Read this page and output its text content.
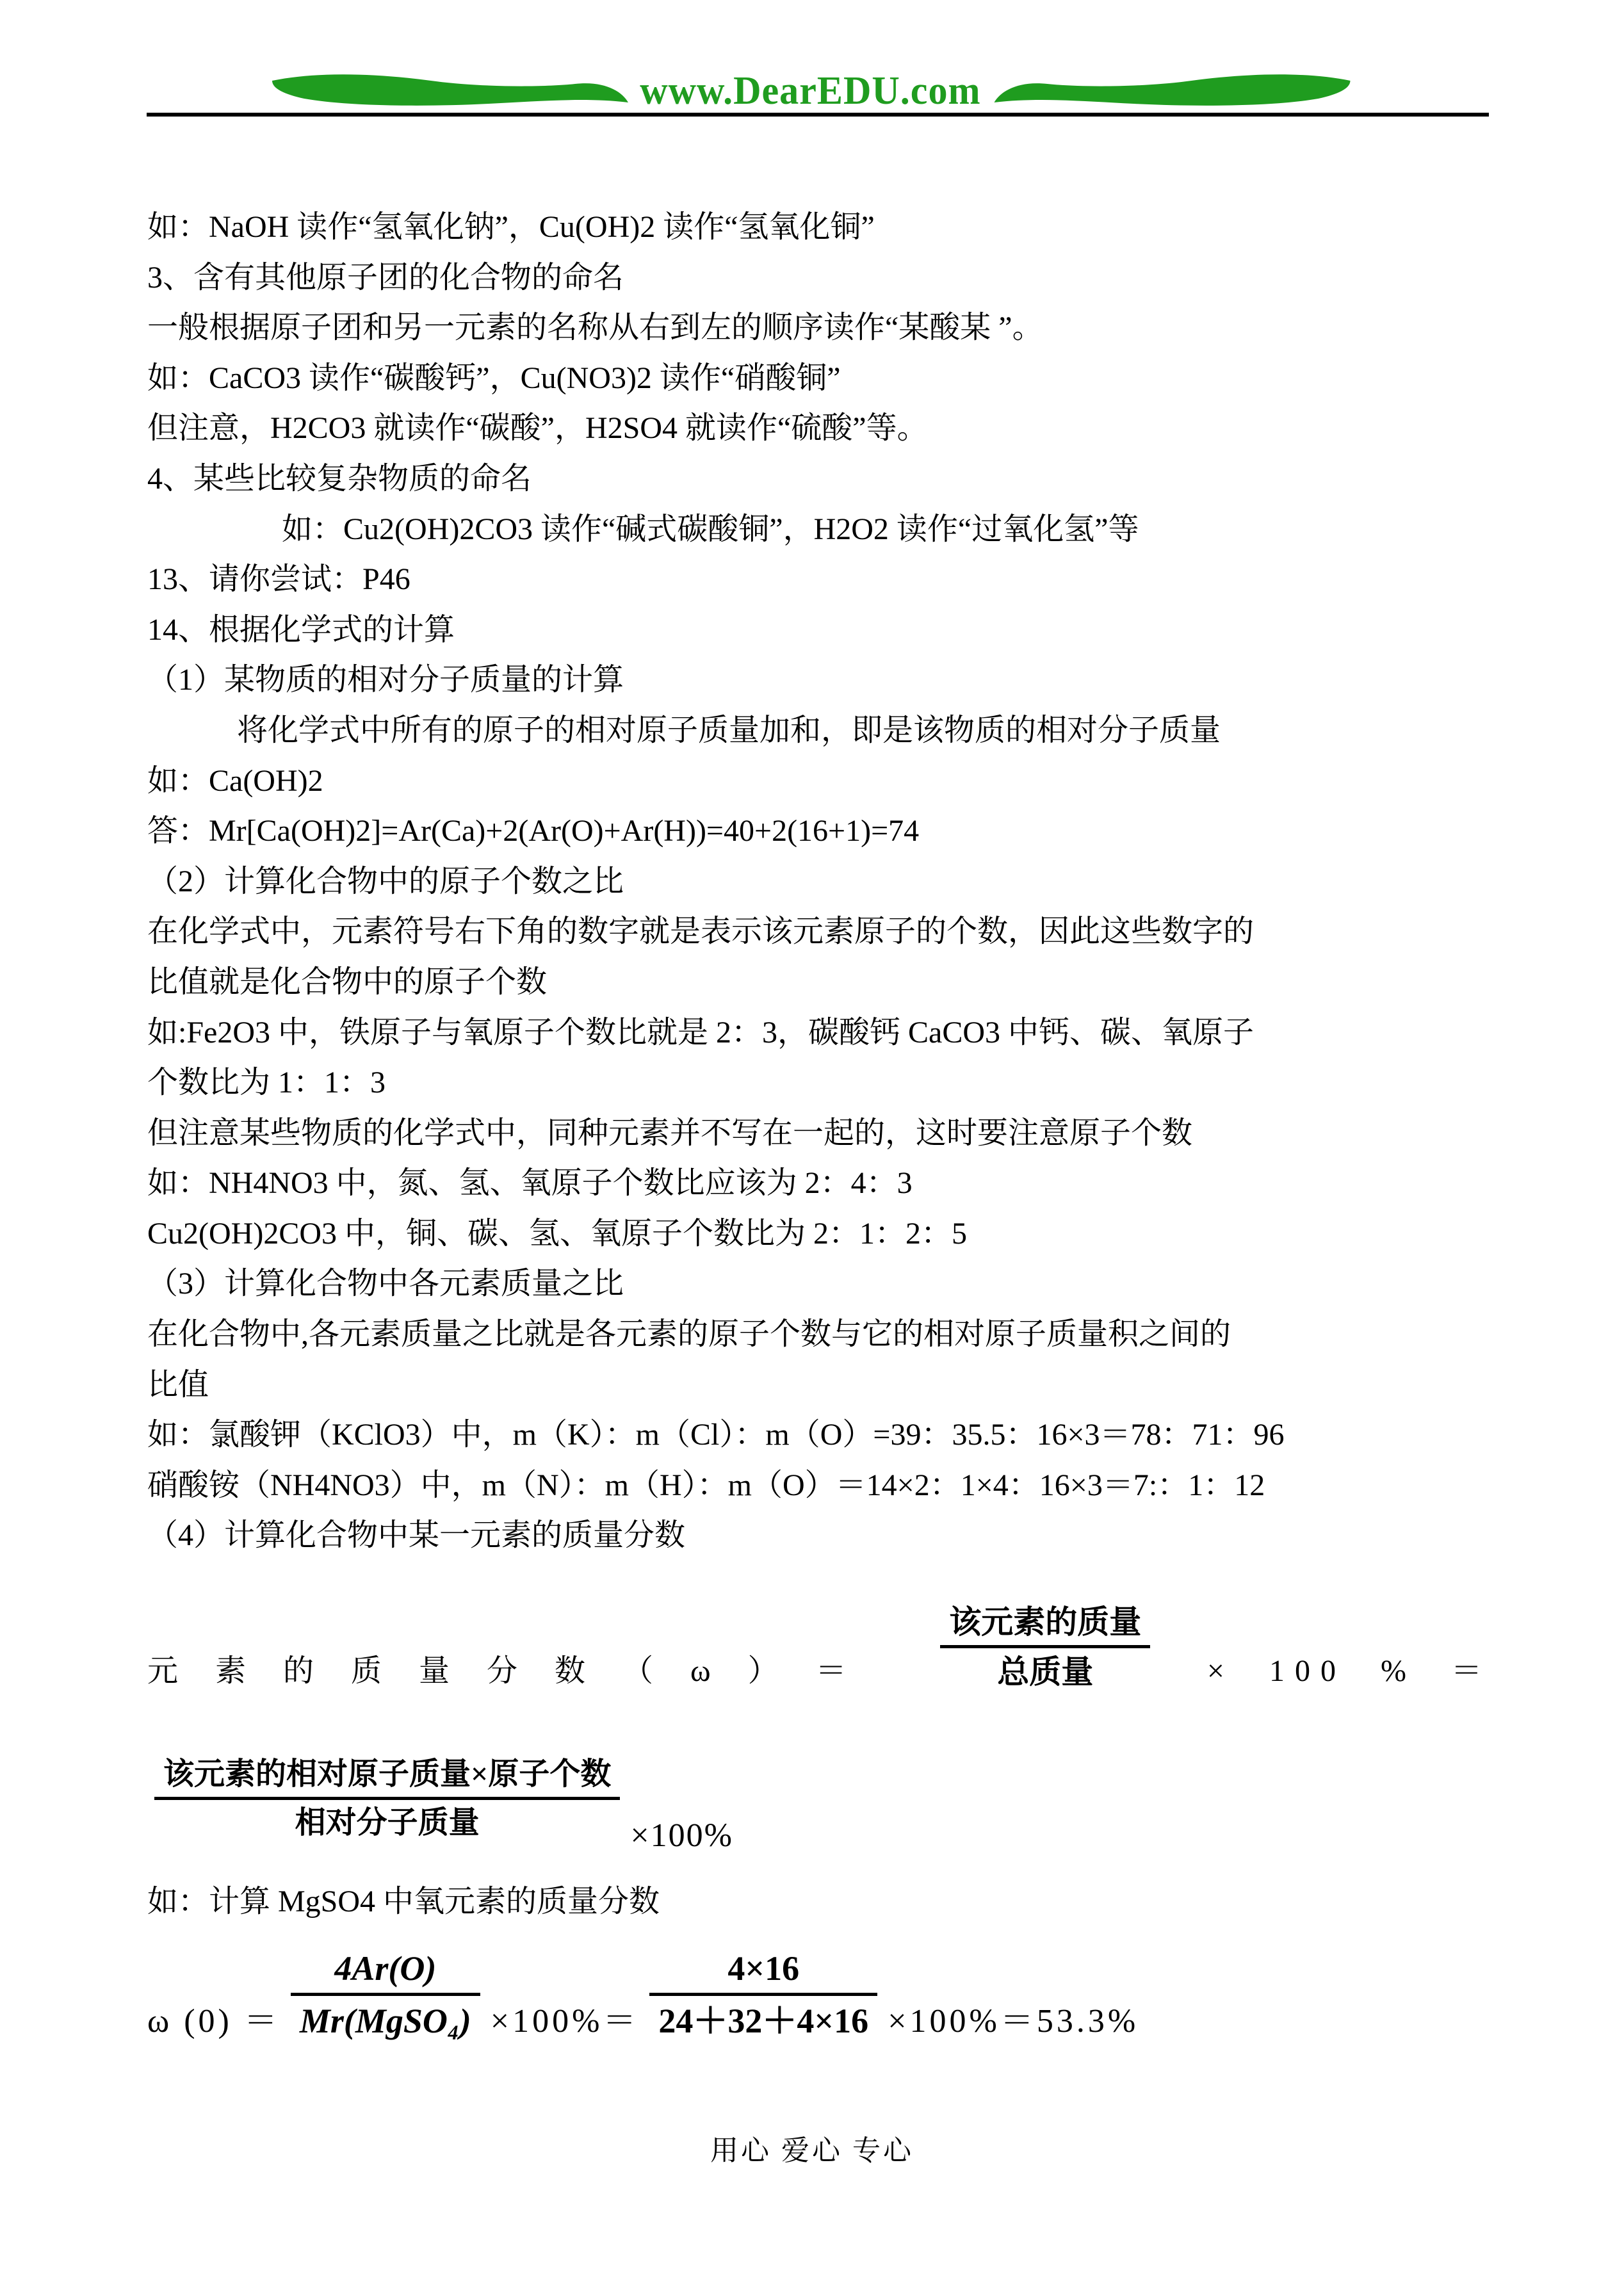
www.DearEDU.com
如：NaOH 读作“氢氧化钠”，Cu(OH)2 读作“氢氧化铜”
3、含有其他原子团的化合物的命名
一般根据原子团和另一元素的名称从右到左的顺序读作“某酸某 ”。
如：CaCO3 读作“碳酸钙”，Cu(NO3)2 读作“硝酸铜”
但注意，H2CO3 就读作“碳酸”，H2SO4 就读作“硫酸”等。
4、某些比较复杂物质的命名
如：Cu2(OH)2CO3 读作“碱式碳酸铜”，H2O2 读作“过氧化氢”等
13、请你尝试：P46
14、根据化学式的计算
（1）某物质的相对分子质量的计算
将化学式中所有的原子的相对原子质量加和，即是该物质的相对分子质量
如：Ca(OH)2
答：Mr[Ca(OH)2]=Ar(Ca)+2(Ar(O)+Ar(H))=40+2(16+1)=74
（2）计算化合物中的原子个数之比
在化学式中，元素符号右下角的数字就是表示该元素原子的个数，因此这些数字的
比值就是化合物中的原子个数
如:Fe2O3 中，铁原子与氧原子个数比就是 2：3，碳酸钙 CaCO3 中钙、碳、氧原子
个数比为 1：1：3
但注意某些物质的化学式中，同种元素并不写在一起的，这时要注意原子个数
如：NH4NO3 中，氮、氢、氧原子个数比应该为 2：4：3
Cu2(OH)2CO3 中，铜、碳、氢、氧原子个数比为 2：1：2：5
（3）计算化合物中各元素质量之比
在化合物中,各元素质量之比就是各元素的原子个数与它的相对原子质量积之间的
比值
如：氯酸钾（KClO3）中，m（K）：m（Cl）：m（O）=39：35.5：16×3＝78：71：96
硝酸铵（NH4NO3）中，m（N）：m（H）：m（O）＝14×2：1×4：16×3＝7:：1：12
（4）计算化合物中某一元素的质量分数
元素的质量分数（ω）＝
该元素的质量
总质量	× 100 % ＝
该元素的相对原子质量×原子个数
相对分子质量	×100%
如：计算 MgSO4 中氧元素的质量分数
ω (0) ＝
4Ar(O)
Mr(MgSO₄) ×100%＝
4×16
24＋32＋4×16 ×100%＝53.3%
用心 爱心 专心
